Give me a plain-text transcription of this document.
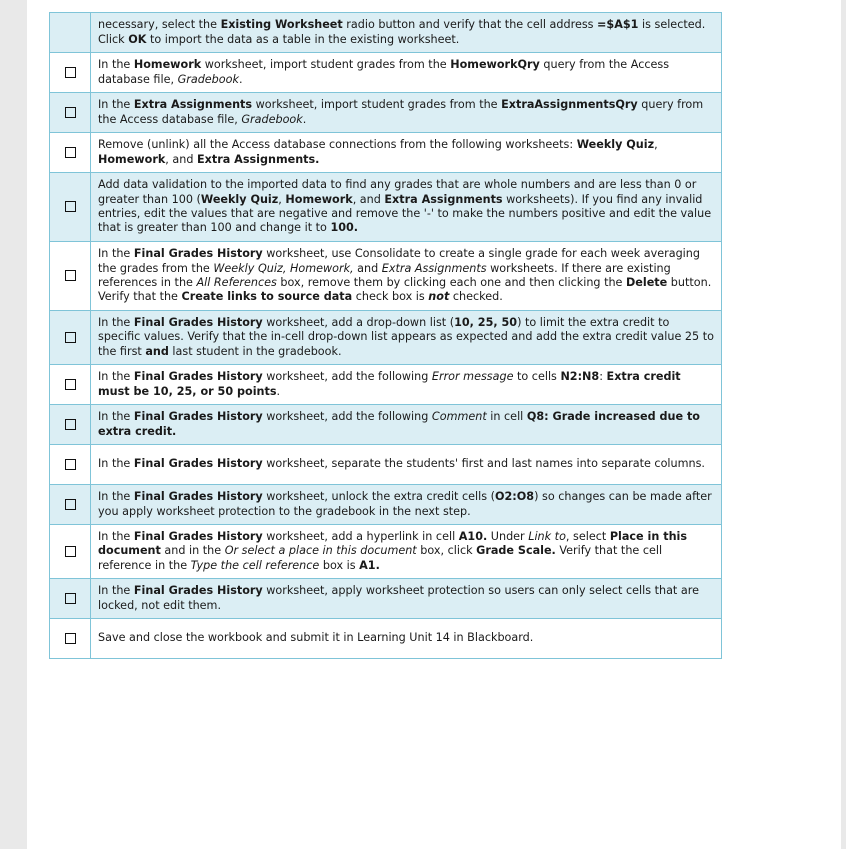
	necessary, select the Existing Worksheet radio button and verify that the cell address =$A$1 is selected. Click OK to import the data as a table in the existing worksheet.
	In the Homework worksheet, import student grades from the HomeworkQry query from the Access database file, Gradebook.
	In the Extra Assignments worksheet, import student grades from the ExtraAssignmentsQry query from the Access database file, Gradebook.
	Remove (unlink) all the Access database connections from the following worksheets: Weekly Quiz, Homework, and Extra Assignments.
	Add data validation to the imported data to find any grades that are whole numbers and are less than 0 or greater than 100 (Weekly Quiz, Homework, and Extra Assignments worksheets). If you find any invalid entries, edit the values that are negative and remove the '-' to make the numbers positive and edit the value that is greater than 100 and change it to 100.
	In the Final Grades History worksheet, use Consolidate to create a single grade for each week averaging the grades from the Weekly Quiz, Homework, and Extra Assignments worksheets. If there are existing references in the All References box, remove them by clicking each one and then clicking the Delete button. Verify that the Create links to source data check box is not checked.
	In the Final Grades History worksheet, add a drop-down list (10, 25, 50) to limit the extra credit to specific values. Verify that the in-cell drop-down list appears as expected and add the extra credit value 25 to the first and last student in the gradebook.
	In the Final Grades History worksheet, add the following Error message to cells N2:N8: Extra credit must be 10, 25, or 50 points.
	In the Final Grades History worksheet, add the following Comment in cell Q8: Grade increased due to extra credit.
	In the Final Grades History worksheet, separate the students' first and last names into separate columns.
	In the Final Grades History worksheet, unlock the extra credit cells (O2:O8) so changes can be made after you apply worksheet protection to the gradebook in the next step.
	In the Final Grades History worksheet, add a hyperlink in cell A10. Under Link to, select Place in this document and in the Or select a place in this document box, click Grade Scale. Verify that the cell reference in the Type the cell reference box is A1.
	In the Final Grades History worksheet, apply worksheet protection so users can only select cells that are locked, not edit them.
	Save and close the workbook and submit it in Learning Unit 14 in Blackboard.
